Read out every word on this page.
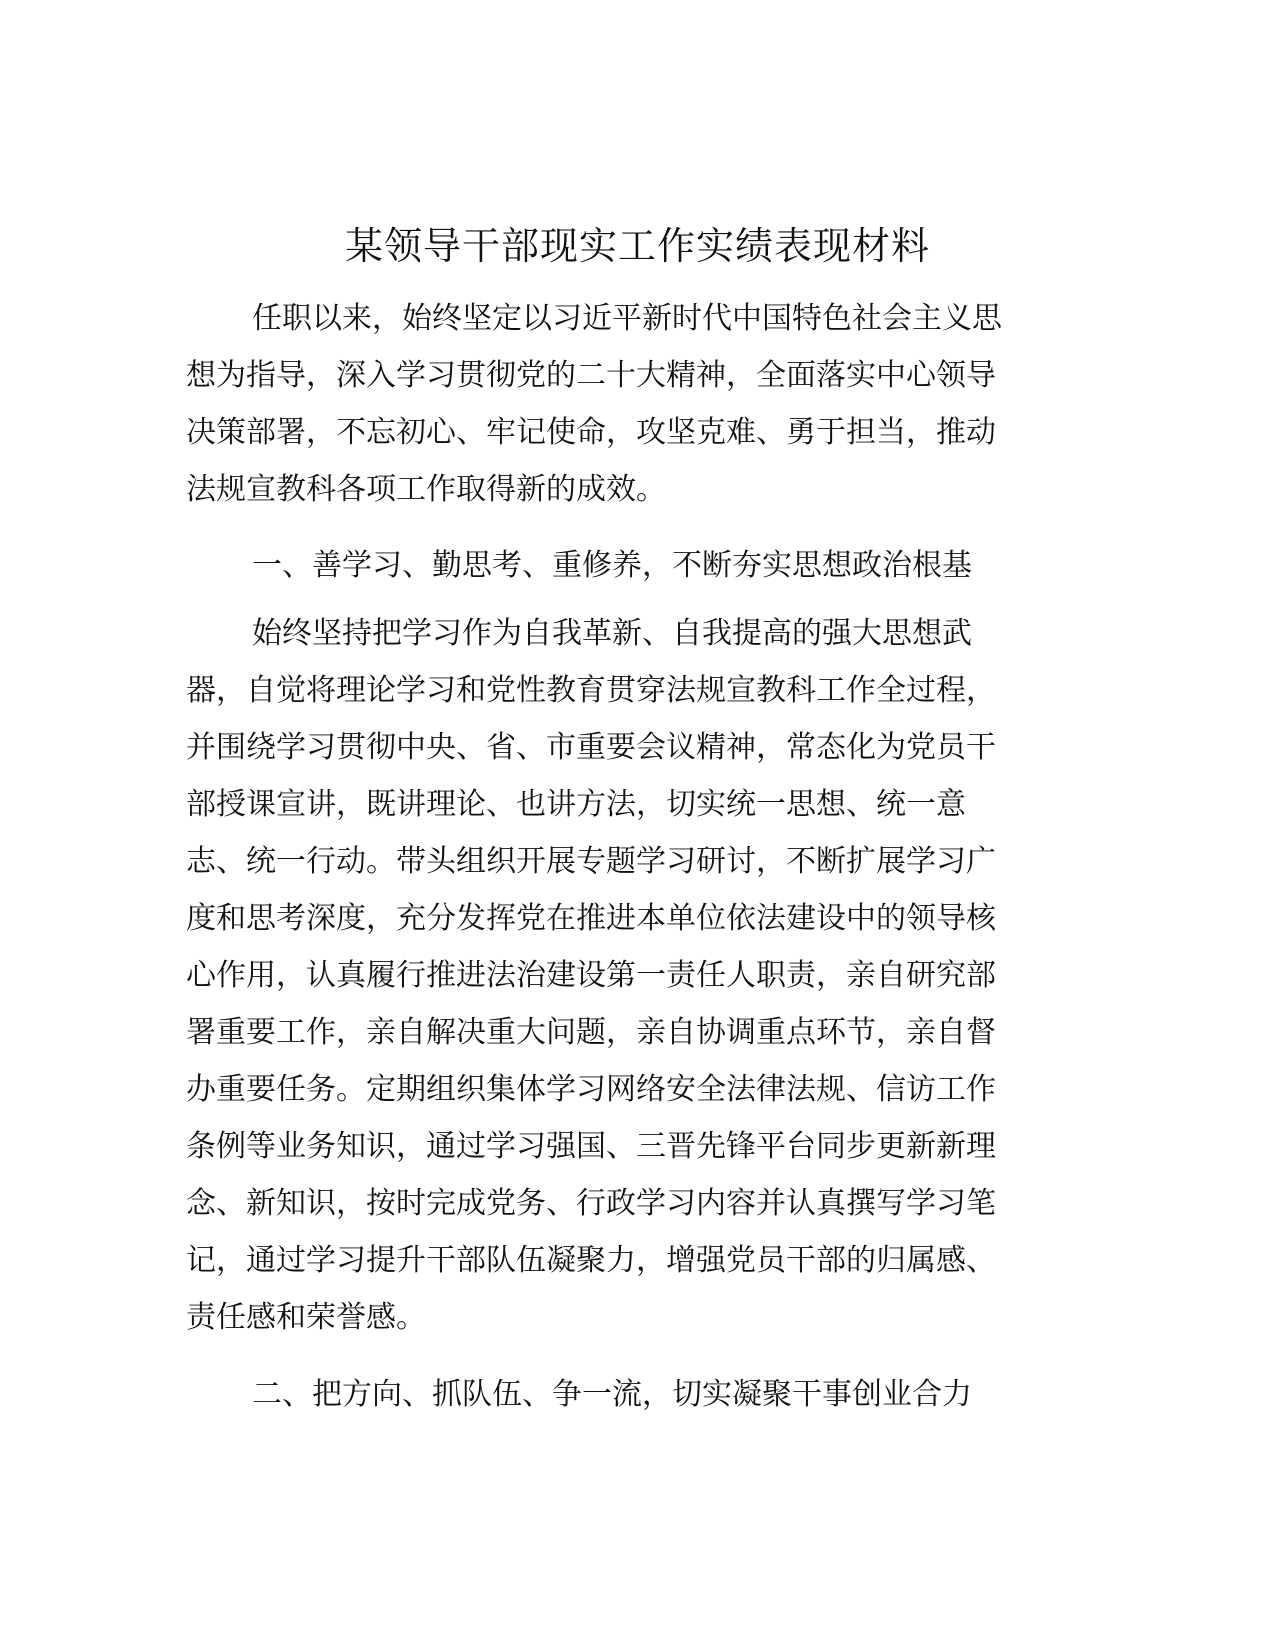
某领导干部现实工作实绩表现材料

任职以来，始终坚定以习近平新时代中国特色社会主义思
想为指导，深入学习贯彻党的二十大精神，全面落实中心领导
决策部署，不忘初心、牢记使命，攻坚克难、勇于担当，推动
法规宣教科各项工作取得新的成效。

一、善学习、勤思考、重修养，不断夯实思想政治根基

始终坚持把学习作为自我革新、自我提高的强大思想武
器，自觉将理论学习和党性教育贯穿法规宣教科工作全过程，
并围绕学习贯彻中央、省、市重要会议精神，常态化为党员干
部授课宣讲，既讲理论、也讲方法，切实统一思想、统一意
志、统一行动。带头组织开展专题学习研讨，不断扩展学习广
度和思考深度，充分发挥党在推进本单位依法建设中的领导核
心作用，认真履行推进法治建设第一责任人职责，亲自研究部
署重要工作，亲自解决重大问题，亲自协调重点环节，亲自督
办重要任务。定期组织集体学习网络安全法律法规、信访工作
条例等业务知识，通过学习强国、三晋先锋平台同步更新新理
念、新知识，按时完成党务、行政学习内容并认真撰写学习笔
记，通过学习提升干部队伍凝聚力，增强党员干部的归属感、
责任感和荣誉感。

二、把方向、抓队伍、争一流，切实凝聚干事创业合力
